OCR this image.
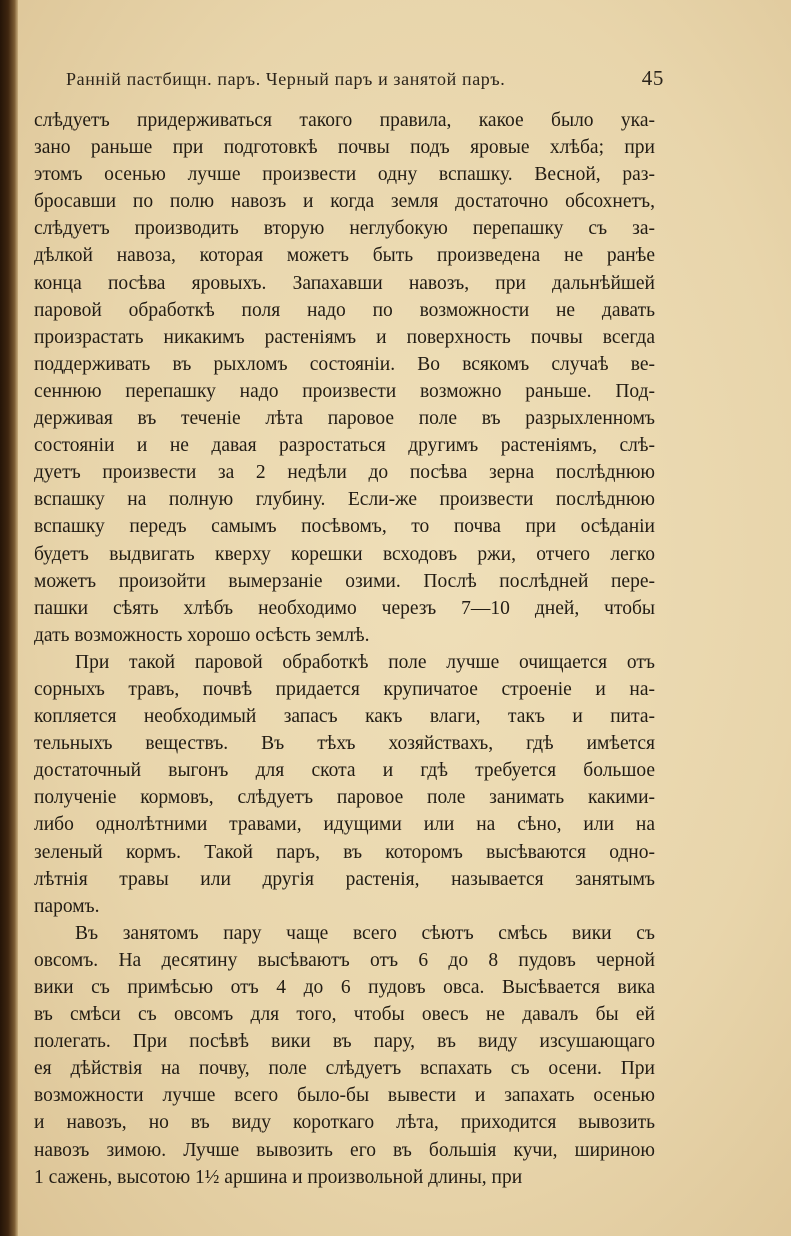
Ранній пастбищн. паръ. Черный паръ и занятой паръ.	45
слѣдуетъ придерживаться такого правила, какое было ука-
зано раньше при подготовкѣ почвы подъ яровые хлѣба; при
этомъ осенью лучше произвести одну вспашку. Весной, раз-
бросавши по полю навозъ и когда земля достаточно обсохнетъ,
слѣдуетъ производить вторую неглубокую перепашку съ за-
дѣлкой навоза, которая можетъ быть произведена не ранѣе
конца посѣва яровыхъ. Запахавши навозъ, при дальнѣйшей
паровой обработкѣ поля надо по возможности не давать
произрастать никакимъ растеніямъ и поверхность почвы всегда
поддерживать въ рыхломъ состояніи. Во всякомъ случаѣ ве-
сеннюю перепашку надо произвести возможно раньше. Под-
держивая въ теченіе лѣта паровое поле въ разрыхленномъ
состояніи и не давая разростаться другимъ растеніямъ, слѣ-
дуетъ произвести за 2 недѣли до посѣва зерна послѣднюю
вспашку на полную глубину. Если-же произвести послѣднюю
вспашку передъ самымъ посѣвомъ, то почва при осѣданіи
будетъ выдвигать кверху корешки всходовъ ржи, отчего легко
можетъ произойти вымерзаніе озими. Послѣ послѣдней пере-
пашки сѣять хлѣбъ необходимо черезъ 7—10 дней, чтобы
дать возможность хорошо осѣсть землѣ.
При такой паровой обработкѣ поле лучше очищается отъ
сорныхъ травъ, почвѣ придается крупичатое строеніе и на-
копляется необходимый запасъ какъ влаги, такъ и пита-
тельныхъ веществъ. Въ тѣхъ хозяйствахъ, гдѣ имѣется
достаточный выгонъ для скота и гдѣ требуется большое
полученіе кормовъ, слѣдуетъ паровое поле занимать какими-
либо однолѣтними травами, идущими или на сѣно, или на
зеленый кормъ. Такой паръ, въ которомъ высѣваются одно-
лѣтнія травы или другія растенія, называется занятымъ
паромъ.
Въ занятомъ пару чаще всего сѣютъ смѣсь вики съ
овсомъ. На десятину высѣваютъ отъ 6 до 8 пудовъ черной
вики съ примѣсью отъ 4 до 6 пудовъ овса. Высѣвается вика
въ смѣси съ овсомъ для того, чтобы овесъ не давалъ бы ей
полегать. При посѣвѣ вики въ пару, въ виду изсушающаго
ея дѣйствія на почву, поле слѣдуетъ вспахать съ осени. При
возможности лучше всего было-бы вывести и запахать осенью
и навозъ, но въ виду короткаго лѣта, приходится вывозить
навозъ зимою. Лучше вывозить его въ большія кучи, шириною
1 сажень, высотою 1½ аршина и произвольной длины, при
